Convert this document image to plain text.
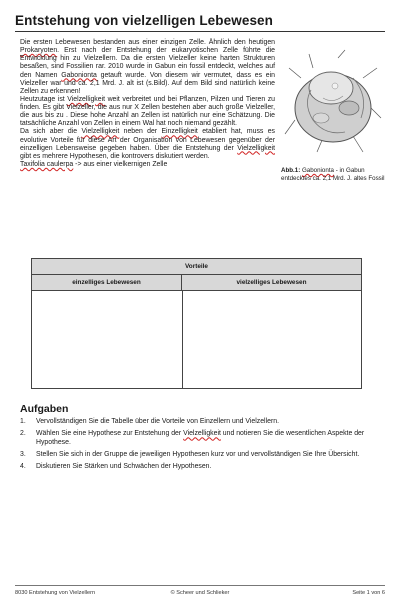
Entstehung von vielzelligen Lebewesen

Die ersten Lebewesen bestanden aus einer einzigen Zelle. Ähnlich den heutigen Prokaryoten. Erst nach der Entstehung der eukaryotischen Zelle führte die Entwicklung hin zu Vielzellern. Da die ersten Vielzeller keine harten Strukturen besaßen, sind Fossilien rar. 2010 wurde in Gabun ein fossil entdeckt, welches auf den Namen Gabonionta getauft wurde. Von diesem wir vermutet, dass es ein Vielzeller war und ca. 2,1 Mrd. J. alt ist (s.Bild). Auf dem Bild sind natürlich keine Zellen zu erkennen!

Heutzutage ist Vielzelligkeit weit verbreitet und bei Pflanzen, Pilzen und Tieren zu finden. Es gibt Vielzeller, die aus nur X Zellen bestehen aber auch große Vielzeller, die aus bis zu . Diese hohe Anzahl an Zellen ist natürlich nur eine Schätzung. Die tatsächliche Anzahl von Zellen in einem Wal hat noch niemand gezählt.

Da sich aber die Vielzelligkeit neben der Einzelligkeit etabliert hat, muss es evolutive Vorteile für diese Art der Organisation von Lebewesen gegenüber der einzelligen Lebensweise gegeben haben. Über die Entstehung der Vielzelligkeit gibt es mehrere Hypothesen, die kontrovers diskutiert werden.

Taxifolia caulerpa -> aus einer vielkernigen Zelle

Abb.1: Gabonionta - in Gabun entdecktes ca. 2,1 Mrd. J. altes Fossil
Vorteile
einzelliges Lebewesen	vielzelliges Lebewesen
Aufgaben
1. Vervollständigen Sie die Tabelle über die Vorteile von Einzellern und Vielzellern.
2. Wählen Sie eine Hypothese zur Entstehung der Vielzelligkeit und notieren Sie die wesentlichen Aspekte der Hypothese.
3. Stellen Sie sich in der Gruppe die jeweiligen Hypothesen kurz vor und vervollständigen Sie Ihre Übersicht.
4. Diskutieren Sie Stärken und Schwächen der Hypothesen.
8030 Entstehung von Vielzellern	© Scheer und Schlieker	Seite 1 von 6
